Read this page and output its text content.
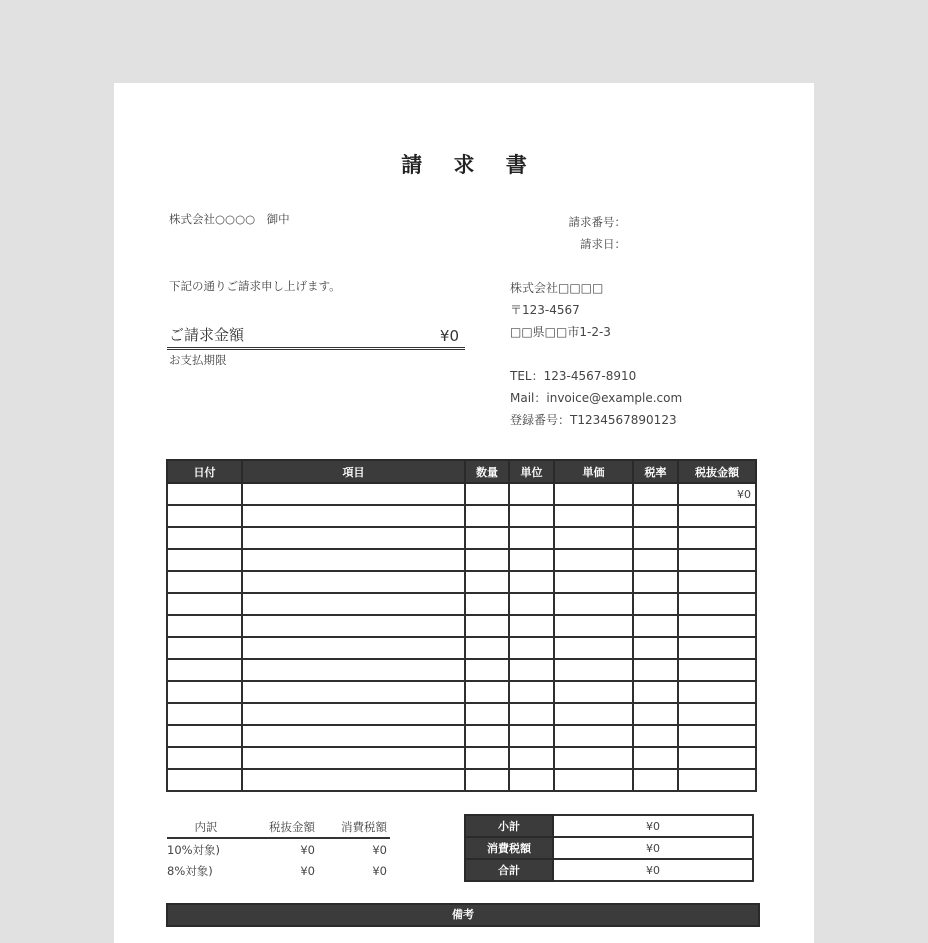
請 求 書
株式会社○○○○　御中	請求番号：
請求日：
下記の通りご請求申し上げます。
ご請求金額	¥0
お支払期限
株式会社□□□□
〒123-4567
□□県□□市1-2-3
TEL：123-4567-8910
Mail：invoice@example.com
登録番号：T1234567890123
日付	項目	数量	単位	単価	税率	税抜金額
						¥0

内訳	税抜金額	消費税額
10%対象)	¥0	¥0
8%対象)	¥0	¥0
小計	¥0
消費税額	¥0
合計	¥0
備考
